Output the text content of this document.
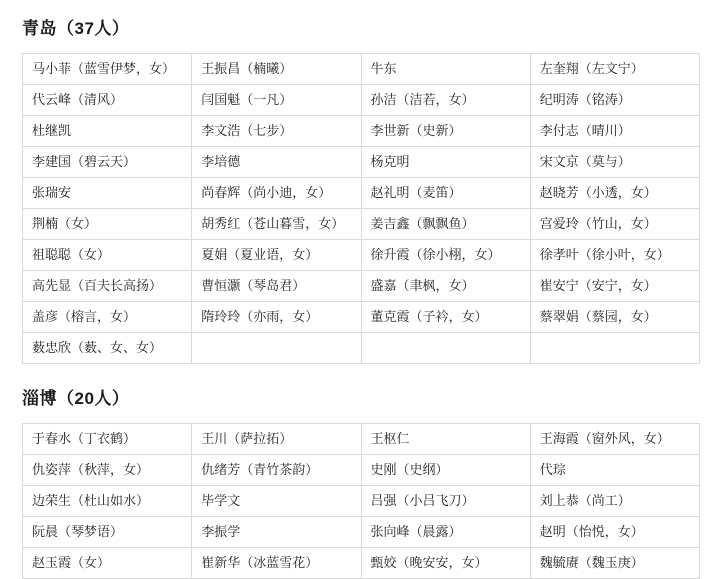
青岛（37人）
马小菲（蓝雪伊梦，女）	王振昌（楠曦）	牛东	左奎翔（左文宁）
代云峰（清风）	闫国魁（一凡）	孙洁（洁若，女）	纪明涛（铭涛）
杜继凯	李文浩（七步）	李世新（史新）	李付志（晴川）
李建国（碧云天）	李培德	杨克明	宋文京（莫与）
张瑞安	尚春辉（尚小迪，女）	赵礼明（麦笛）	赵晓芳（小透，女）
荆楠（女）	胡秀红（苍山暮雪，女）	姜吉鑫（飘飘鱼）	宫爱玲（竹山，女）
祖聪聪（女）	夏娟（夏业语，女）	徐升霞（徐小栩，女）	徐孝叶（徐小叶，女）
高先显（百夫长高扬）	曹恒灏（琴岛君）	盛嘉（聿枫，女）	崔安宁（安宁，女）
盖彦（榕言，女）	隋玲玲（亦雨，女）	董克霞（子衿，女）	蔡翠娟（蔡园，女）
薮忠欣（薮、女、女）			
淄博（20人）
于春水（丁衣鹤）	王川（萨拉拓）	王枢仁	王海霞（窗外风，女）
仇姿萍（秋萍，女）	仇绪芳（青竹茶韵）	史刚（史纲）	代琮
边荣生（杜山如水）	毕学文	吕强（小吕飞刀）	刘上恭（尚工）
阮晨（琴梦语）	李振学	张向峰（晨露）	赵明（怡悦，女）
赵玉霞（女）	崔新华（冰蓝雪花）	甄姣（晚安安，女）	魏毓赓（魏玉庚）
